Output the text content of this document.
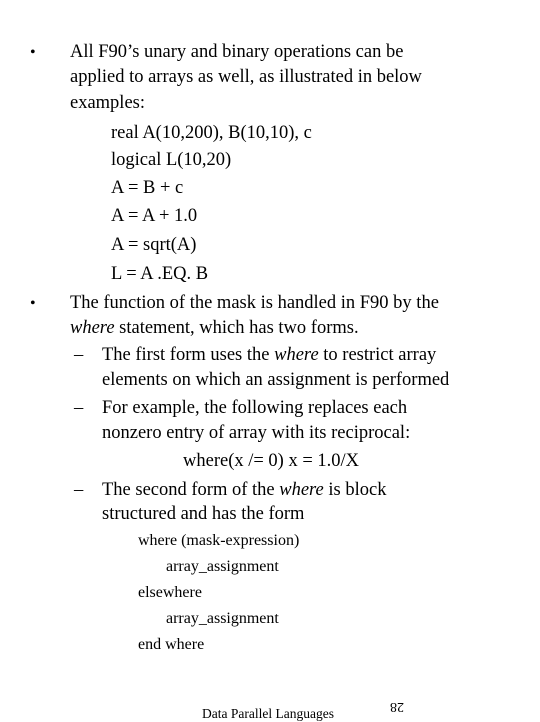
• All F90’s unary and binary operations can be
applied to arrays as well, as illustrated in below
examples:
real A(10,200), B(10,10), c
logical L(10,20)
A = B + c
A = A + 1.0
A = sqrt(A)
L = A .EQ. B
• The function of the mask is handled in F90 by the
where statement, which has two forms.
– The first form uses the where to restrict array
elements on which an assignment is performed
– For example, the following replaces each
nonzero entry of array with its reciprocal:
where(x /= 0) x = 1.0/X
– The second form of the where is block
structured and has the form
where (mask-expression)
array_assignment
elsewhere
array_assignment
end where
Data Parallel Languages	28
